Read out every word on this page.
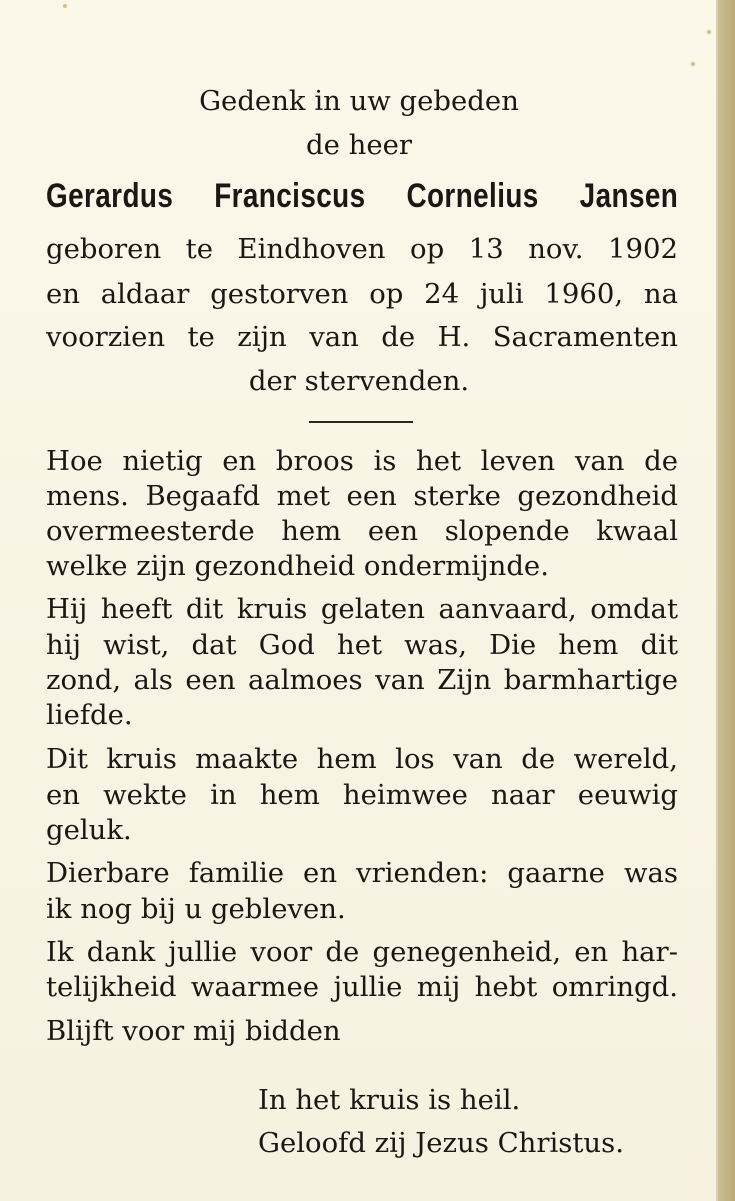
Gedenk in uw gebeden

de heer

Gerardus Franciscus Cornelius Jansen

geboren te Eindhoven op 13 nov. 1902

en aldaar gestorven op 24 juli 1960, na

voorzien te zijn van de H. Sacramenten

der stervenden.

Hoe nietig en broos is het leven van de

mens. Begaafd met een sterke gezondheid

overmeesterde hem een slopende kwaal

welke zijn gezondheid ondermijnde.

Hij heeft dit kruis gelaten aanvaard, omdat

hij wist, dat God het was, Die hem dit

zond, als een aalmoes van Zijn barmhartige

liefde.

Dit kruis maakte hem los van de wereld,

en wekte in hem heimwee naar eeuwig

geluk.

Dierbare familie en vrienden: gaarne was

ik nog bij u gebleven.

Ik dank jullie voor de genegenheid, en har-

telijkheid waarmee jullie mij hebt omringd.

Blijft voor mij bidden

In het kruis is heil.

Geloofd zij Jezus Christus.
